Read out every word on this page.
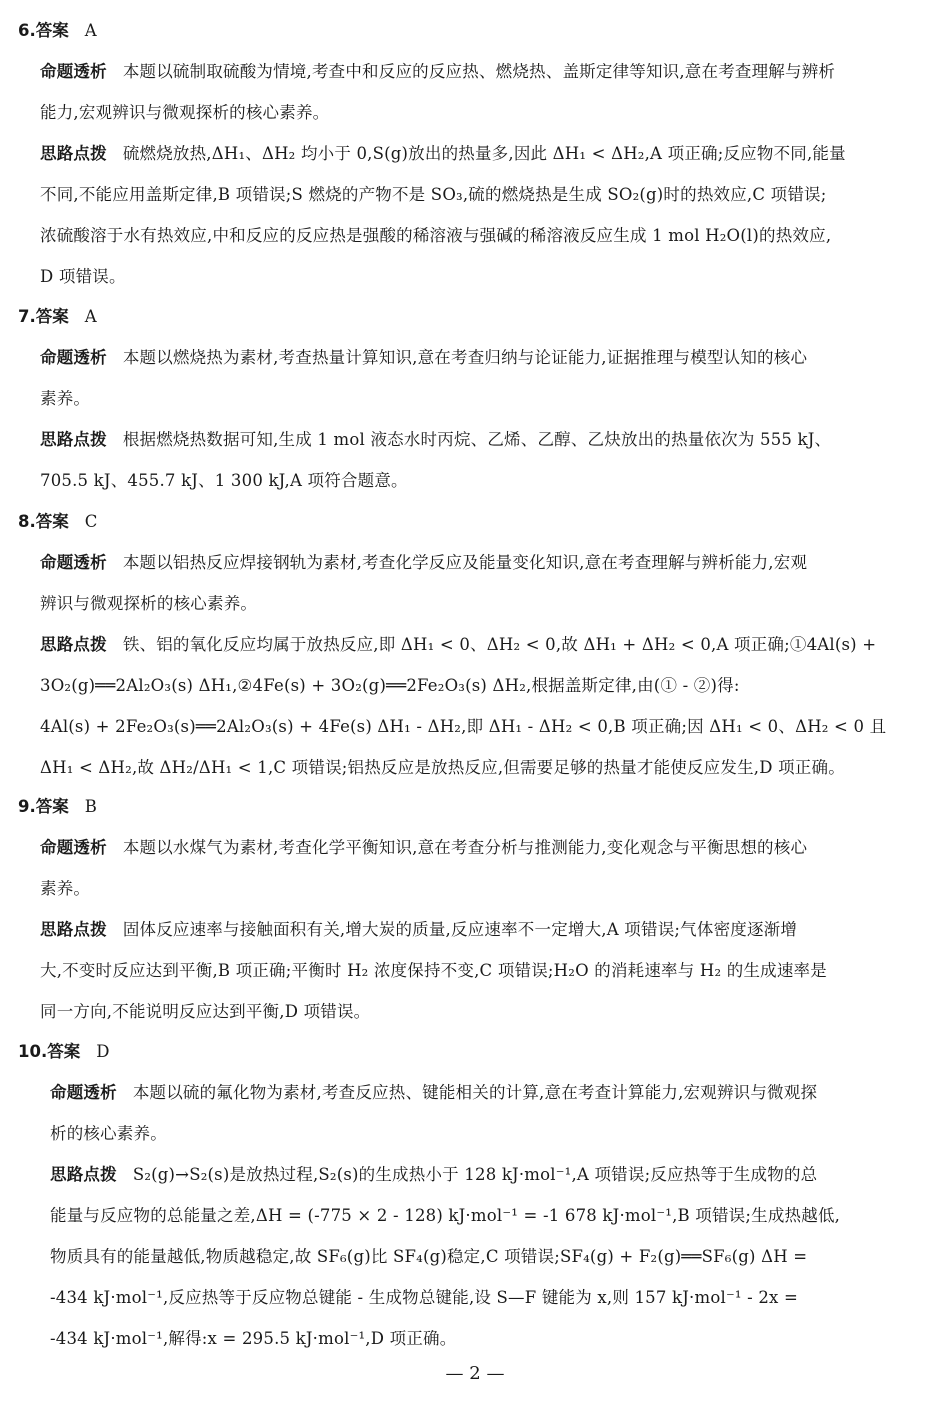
6.答案 A
命题透析 本题以硫制取硫酸为情境,考查中和反应的反应热、燃烧热、盖斯定律等知识,意在考查理解与辨析
能力,宏观辨识与微观探析的核心素养。
思路点拨 硫燃烧放热,ΔH₁、ΔH₂ 均小于 0,S(g)放出的热量多,因此 ΔH₁ < ΔH₂,A 项正确;反应物不同,能量
不同,不能应用盖斯定律,B 项错误;S 燃烧的产物不是 SO₃,硫的燃烧热是生成 SO₂(g)时的热效应,C 项错误;
浓硫酸溶于水有热效应,中和反应的反应热是强酸的稀溶液与强碱的稀溶液反应生成 1 mol H₂O(l)的热效应,
D 项错误。
7.答案 A
命题透析 本题以燃烧热为素材,考查热量计算知识,意在考查归纳与论证能力,证据推理与模型认知的核心
素养。
思路点拨 根据燃烧热数据可知,生成 1 mol 液态水时丙烷、乙烯、乙醇、乙炔放出的热量依次为 555 kJ、
705.5 kJ、455.7 kJ、1 300 kJ,A 项符合题意。
8.答案 C
命题透析 本题以铝热反应焊接钢轨为素材,考查化学反应及能量变化知识,意在考查理解与辨析能力,宏观
辨识与微观探析的核心素养。
思路点拨 铁、铝的氧化反应均属于放热反应,即 ΔH₁ < 0、ΔH₂ < 0,故 ΔH₁ + ΔH₂ < 0,A 项正确;①4Al(s) +
3O₂(g)══2Al₂O₃(s) ΔH₁,②4Fe(s) + 3O₂(g)══2Fe₂O₃(s) ΔH₂,根据盖斯定律,由(① - ②)得:
4Al(s) + 2Fe₂O₃(s)══2Al₂O₃(s) + 4Fe(s) ΔH₁ - ΔH₂,即 ΔH₁ - ΔH₂ < 0,B 项正确;因 ΔH₁ < 0、ΔH₂ < 0 且
ΔH₁ < ΔH₂,故 ΔH₂/ΔH₁ < 1,C 项错误;铝热反应是放热反应,但需要足够的热量才能使反应发生,D 项正确。
9.答案 B
命题透析 本题以水煤气为素材,考查化学平衡知识,意在考查分析与推测能力,变化观念与平衡思想的核心
素养。
思路点拨 固体反应速率与接触面积有关,增大炭的质量,反应速率不一定增大,A 项错误;气体密度逐渐增
大,不变时反应达到平衡,B 项正确;平衡时 H₂ 浓度保持不变,C 项错误;H₂O 的消耗速率与 H₂ 的生成速率是
同一方向,不能说明反应达到平衡,D 项错误。
10.答案 D
命题透析 本题以硫的氟化物为素材,考查反应热、键能相关的计算,意在考查计算能力,宏观辨识与微观探
析的核心素养。
思路点拨 S₂(g)→S₂(s)是放热过程,S₂(s)的生成热小于 128 kJ·mol⁻¹,A 项错误;反应热等于生成物的总
能量与反应物的总能量之差,ΔH = (-775 × 2 - 128) kJ·mol⁻¹ = -1 678 kJ·mol⁻¹,B 项错误;生成热越低,
物质具有的能量越低,物质越稳定,故 SF₆(g)比 SF₄(g)稳定,C 项错误;SF₄(g) + F₂(g)══SF₆(g) ΔH =
-434 kJ·mol⁻¹,反应热等于反应物总键能 - 生成物总键能,设 S—F 键能为 x,则 157 kJ·mol⁻¹ - 2x =
-434 kJ·mol⁻¹,解得:x = 295.5 kJ·mol⁻¹,D 项正确。
— 2 —
